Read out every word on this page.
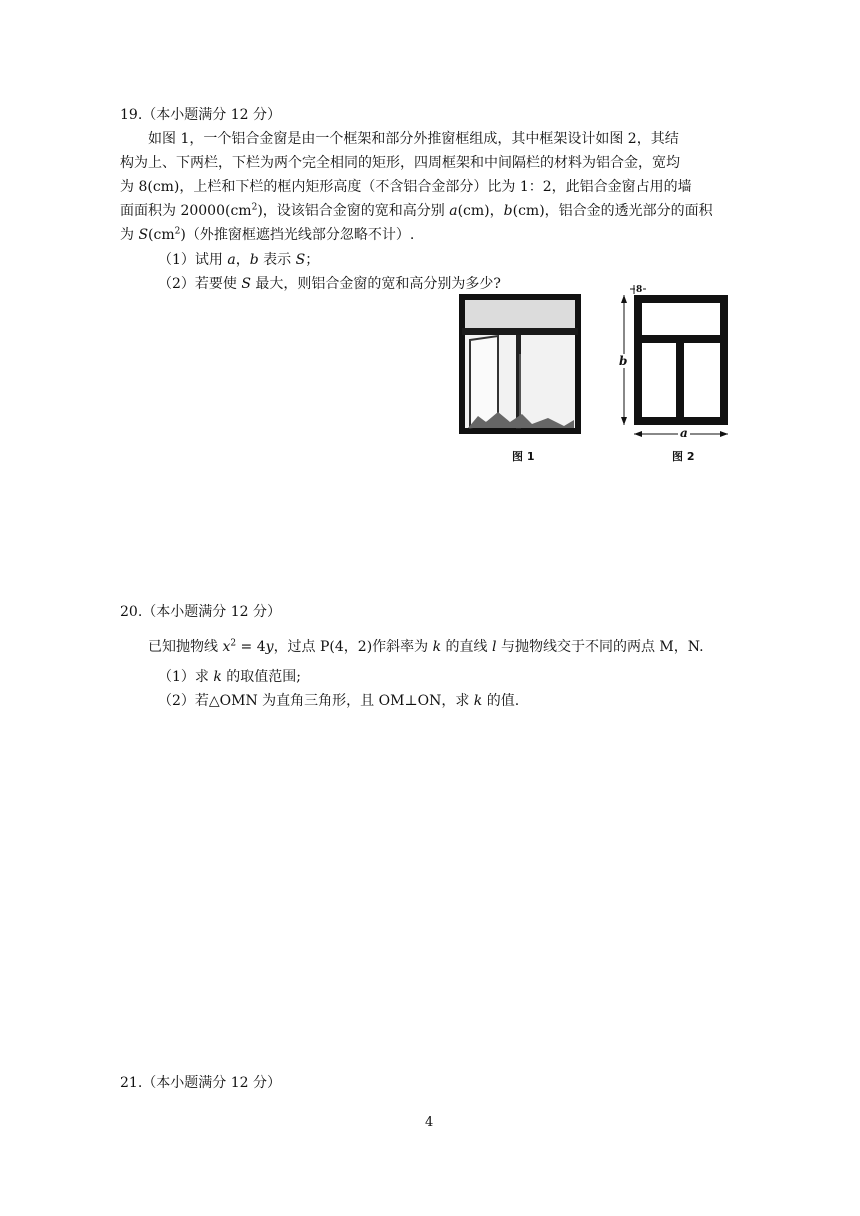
19.（本小题满分 12 分）
如图 1，一个铝合金窗是由一个框架和部分外推窗框组成，其中框架设计如图 2，其结
构为上、下两栏，下栏为两个完全相同的矩形，四周框架和中间隔栏的材料为铝合金，宽均
为 8(cm)，上栏和下栏的框内矩形高度（不含铝合金部分）比为 1：2，此铝合金窗占用的墙
面面积为 $20000(cm^2)$，设该铝合金窗的宽和高分别 a(cm)，b(cm)，铝合金的透光部分的面积
为 $S(cm^2)$（外推窗框遮挡光线部分忽略不计）.
（1）试用 a，b 表示 S；
（2）若要使 S 最大，则铝合金窗的宽和高分别为多少?
图 1
8
b
a
图 2
20.（本小题满分 12 分）
已知抛物线 $x^2 = 4y$，过点 P(4，2)作斜率为 k 的直线 l 与抛物线交于不同的两点 M，N.
（1）求 k 的取值范围;
（2）若△OMN 为直角三角形，且 OM⊥ON，求 k 的值.
21.（本小题满分 12 分）
4
